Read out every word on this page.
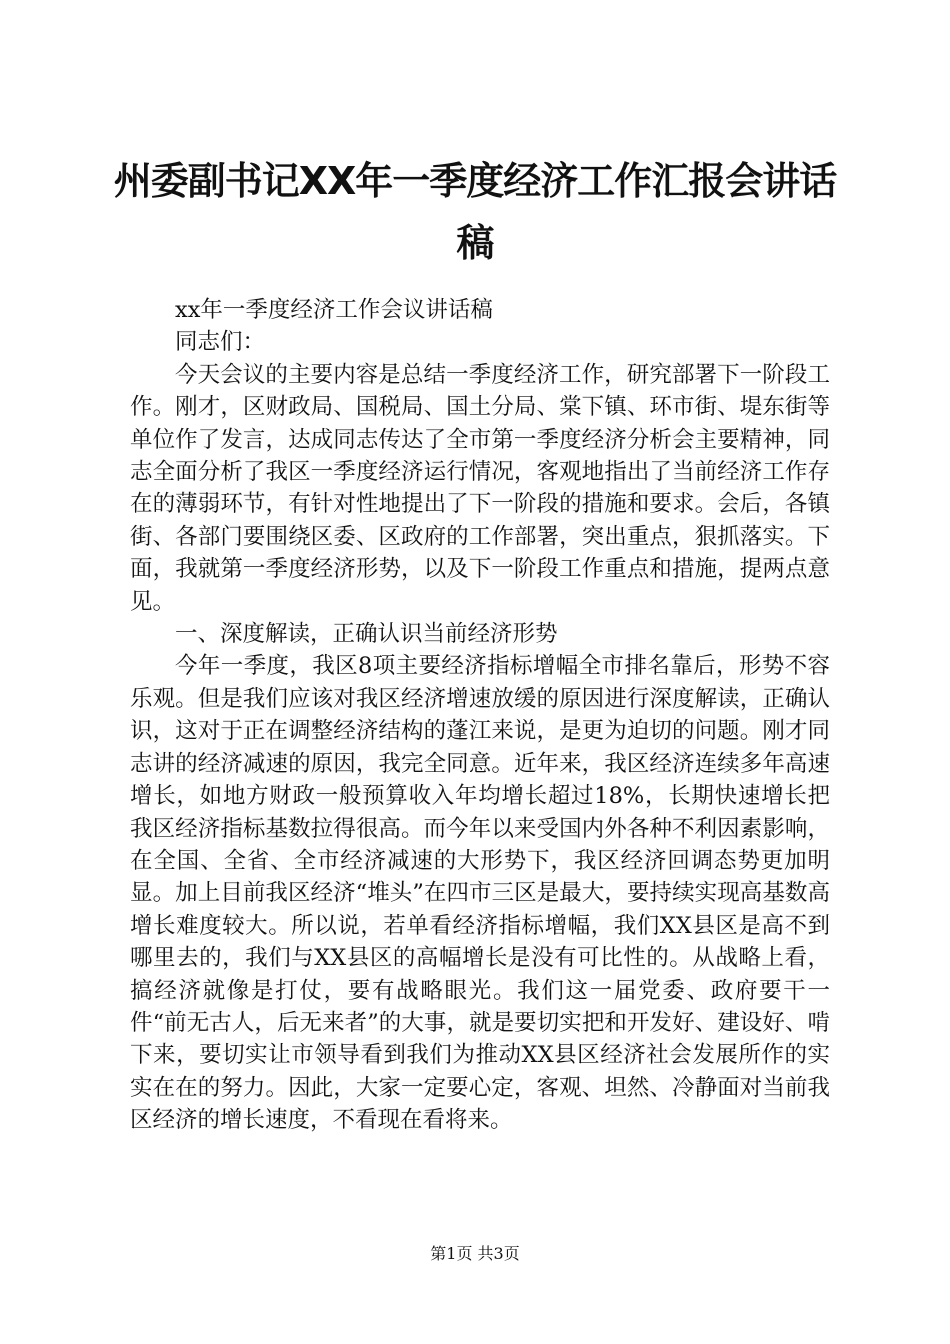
州委副书记XX年一季度经济工作汇报会讲话
稿

xx年一季度经济工作会议讲话稿

同志们：

今天会议的主要内容是总结一季度经济工作，研究部署下一阶段工作。刚才，区财政局、国税局、国土分局、棠下镇、环市街、堤东街等单位作了发言，达成同志传达了全市第一季度经济分析会主要精神，同志全面分析了我区一季度经济运行情况，客观地指出了当前经济工作存在的薄弱环节，有针对性地提出了下一阶段的措施和要求。会后，各镇街、各部门要围绕区委、区政府的工作部署，突出重点，狠抓落实。下面，我就第一季度经济形势，以及下一阶段工作重点和措施，提两点意见。

一、深度解读，正确认识当前经济形势

今年一季度，我区8项主要经济指标增幅全市排名靠后，形势不容乐观。但是我们应该对我区经济增速放缓的原因进行深度解读，正确认识，这对于正在调整经济结构的蓬江来说，是更为迫切的问题。刚才同志讲的经济减速的原因，我完全同意。近年来，我区经济连续多年高速增长，如地方财政一般预算收入年均增长超过18%，长期快速增长把我区经济指标基数拉得很高。而今年以来受国内外各种不利因素影响，在全国、全省、全市经济减速的大形势下，我区经济回调态势更加明显。加上目前我区经济“堆头”在四市三区是最大，要持续实现高基数高增长难度较大。所以说，若单看经济指标增幅，我们XX县区是高不到哪里去的，我们与XX县区的高幅增长是没有可比性的。从战略上看，搞经济就像是打仗，要有战略眼光。我们这一届党委、政府要干一件“前无古人，后无来者”的大事，就是要切实把和开发好、建设好、啃下来，要切实让市领导看到我们为推动XX县区经济社会发展所作的实实在在的努力。因此，大家一定要心定，客观、坦然、冷静面对当前我区经济的增长速度，不看现在看将来。

第1页 共3页
